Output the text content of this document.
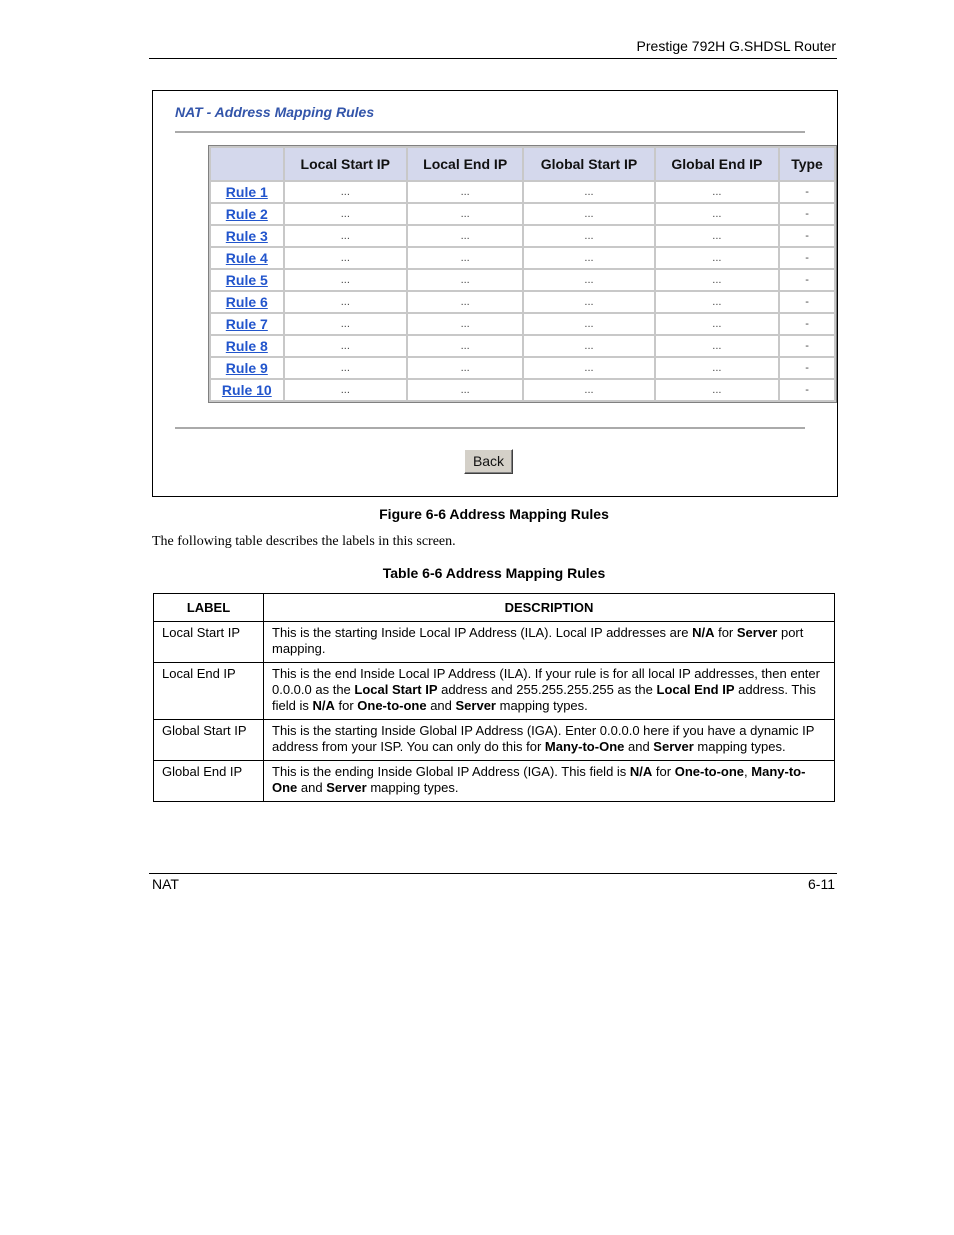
Prestige 792H G.SHDSL Router
NAT - Address Mapping Rules
	Local Start IP	Local End IP	Global Start IP	Global End IP	Type
Rule 1	...	...	...	...	-
Rule 2	...	...	...	...	-
Rule 3	...	...	...	...	-
Rule 4	...	...	...	...	-
Rule 5	...	...	...	...	-
Rule 6	...	...	...	...	-
Rule 7	...	...	...	...	-
Rule 8	...	...	...	...	-
Rule 9	...	...	...	...	-
Rule 10	...	...	...	...	-
Back
Figure 6-6 Address Mapping Rules
The following table describes the labels in this screen.
Table 6-6 Address Mapping Rules
LABEL	DESCRIPTION
Local Start IP	This is the starting Inside Local IP Address (ILA). Local IP addresses are N/A for Server port mapping.
Local End IP	This is the end Inside Local IP Address (ILA). If your rule is for all local IP addresses, then enter 0.0.0.0 as the Local Start IP address and 255.255.255.255 as the Local End IP address. This field is N/A for One-to-one and Server mapping types.
Global Start IP	This is the starting Inside Global IP Address (IGA). Enter 0.0.0.0 here if you have a dynamic IP address from your ISP. You can only do this for Many-to-One and Server mapping types.
Global End IP	This is the ending Inside Global IP Address (IGA). This field is N/A for One-to-one, Many-to-One and Server mapping types.
NAT	6-11
